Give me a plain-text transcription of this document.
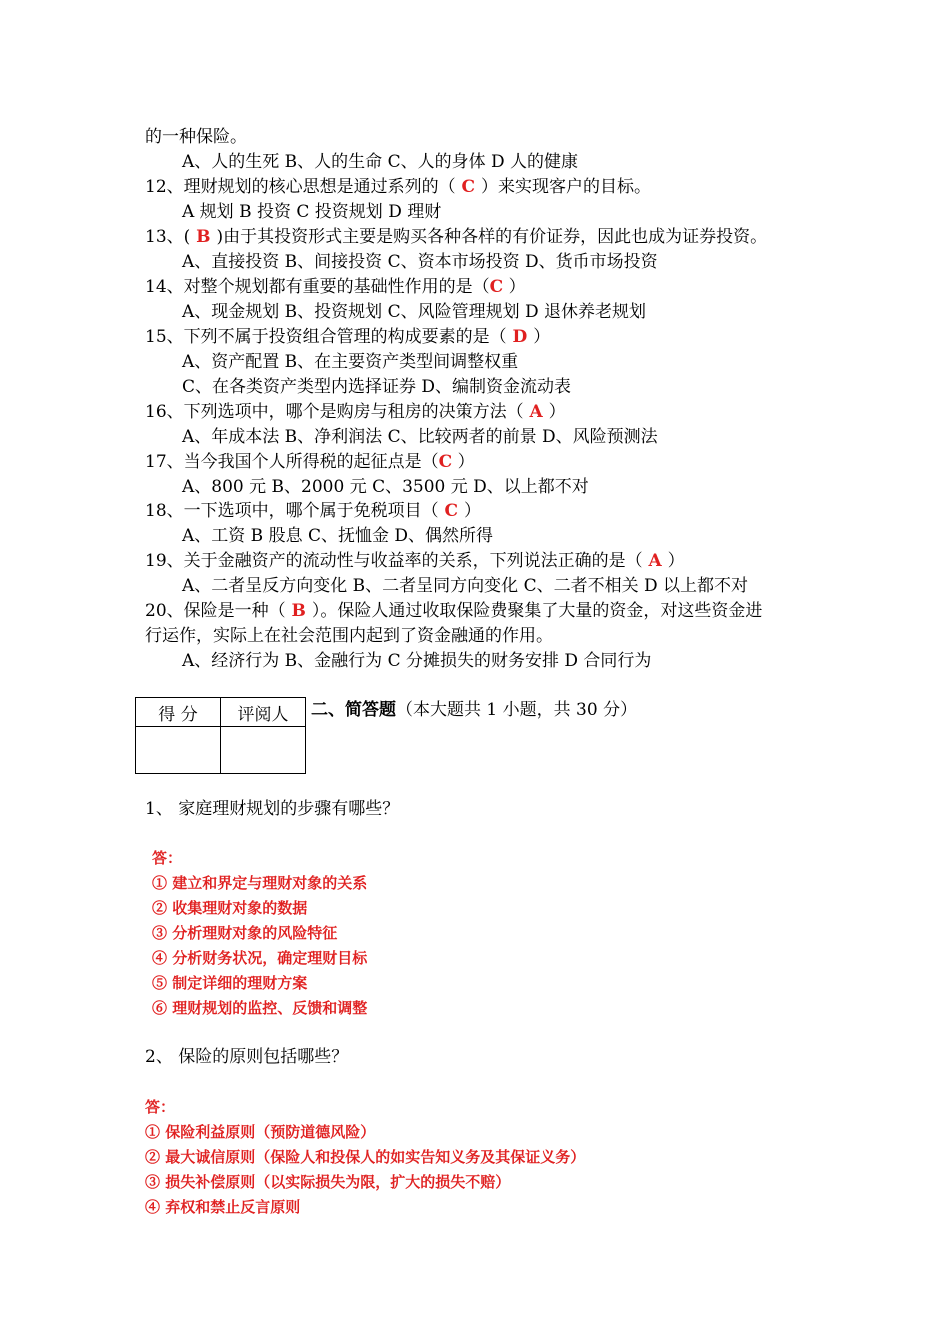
的一种保险。
A、人的生死 B、人的生命 C、人的身体 D 人的健康
12、理财规划的核心思想是通过系列的（ C ）来实现客户的目标。
A 规划 B 投资 C 投资规划 D 理财
13、( B )由于其投资形式主要是购买各种各样的有价证券，因此也成为证券投资。
A、直接投资 B、间接投资 C、资本市场投资 D、货币市场投资
14、对整个规划都有重要的基础性作用的是（C ）
A、现金规划 B、投资规划 C、风险管理规划 D 退休养老规划
15、下列不属于投资组合管理的构成要素的是（ D ）
A、资产配置 B、在主要资产类型间调整权重
C、在各类资产类型内选择证券 D、编制资金流动表
16、下列选项中，哪个是购房与租房的决策方法（ A ）
A、年成本法 B、净利润法 C、比较两者的前景 D、风险预测法
17、当今我国个人所得税的起征点是（C ）
A、800 元 B、2000 元 C、3500 元 D、以上都不对
18、一下选项中，哪个属于免税项目（ C ）
A、工资 B 股息 C、抚恤金 D、偶然所得
19、关于金融资产的流动性与收益率的关系，下列说法正确的是（ A ）
A、二者呈反方向变化 B、二者呈同方向变化 C、二者不相关 D 以上都不对
20、保险是一种（ B ）。保险人通过收取保险费聚集了大量的资金，对这些资金进
行运作，实际上在社会范围内起到了资金融通的作用。
A、经济行为 B、金融行为 C 分摊损失的财务安排 D 合同行为
得 分	评阅人
	二、简答题（本大题共 1 小题，共 30 分）
1、 家庭理财规划的步骤有哪些？
答：
① 建立和界定与理财对象的关系
② 收集理财对象的数据
③ 分析理财对象的风险特征
④ 分析财务状况，确定理财目标
⑤ 制定详细的理财方案
⑥ 理财规划的监控、反馈和调整
2、 保险的原则包括哪些？
答：
① 保险利益原则（预防道德风险）
② 最大诚信原则（保险人和投保人的如实告知义务及其保证义务）
③ 损失补偿原则（以实际损失为限，扩大的损失不赔）
④ 弃权和禁止反言原则
